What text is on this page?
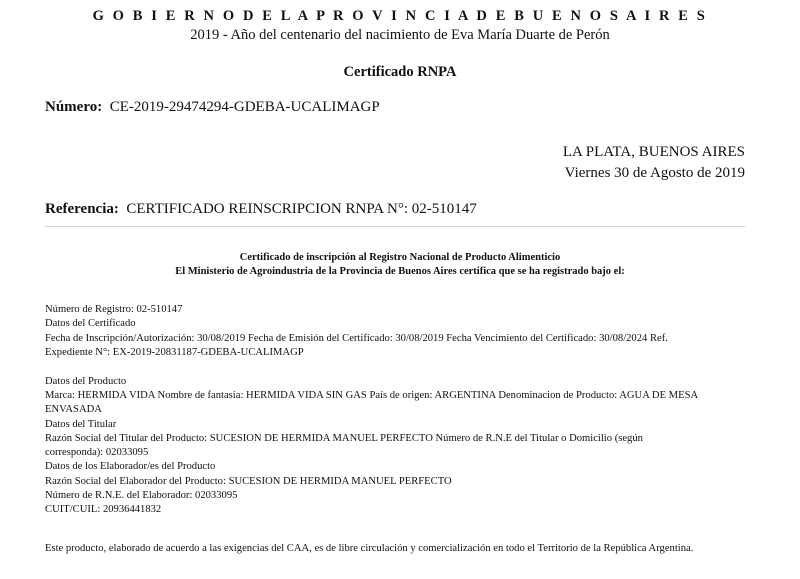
G O B I E R N O D E L A P R O V I N C I A D E B U E N O S A I R E S
2019 - Año del centenario del nacimiento de Eva María Duarte de Perón
Certificado RNPA
Número: CE-2019-29474294-GDEBA-UCALIMAGP
LA PLATA, BUENOS AIRES
Viernes 30 de Agosto de 2019
Referencia: CERTIFICADO REINSCRIPCION RNPA N°: 02-510147
Certificado de inscripción al Registro Nacional de Producto Alimenticio
El Ministerio de Agroindustria de la Provincia de Buenos Aires certifica que se ha registrado bajo el:
Número de Registro: 02-510147
Datos del Certificado
Fecha de Inscripción/Autorización: 30/08/2019 Fecha de Emisión del Certificado: 30/08/2019 Fecha Vencimiento del Certificado: 30/08/2024 Ref.
Expediente N°: EX-2019-20831187-GDEBA-UCALIMAGP
Datos del Producto
Marca: HERMIDA VIDA Nombre de fantasía: HERMIDA VIDA SIN GAS País de origen: ARGENTINA Denominacion de Producto: AGUA DE MESA
ENVASADA
Datos del Titular
Razón Social del Titular del Producto: SUCESION DE HERMIDA MANUEL PERFECTO Número de R.N.E del Titular o Domicilio (según
corresponda): 02033095
Datos de los Elaborador/es del Producto
Razón Social del Elaborador del Producto: SUCESION DE HERMIDA MANUEL PERFECTO
Número de R.N.E. del Elaborador: 02033095
CUIT/CUIL: 20936441832
Este producto, elaborado de acuerdo a las exigencias del CAA, es de libre circulación y comercialización en todo el Territorio de la República Argentina.
